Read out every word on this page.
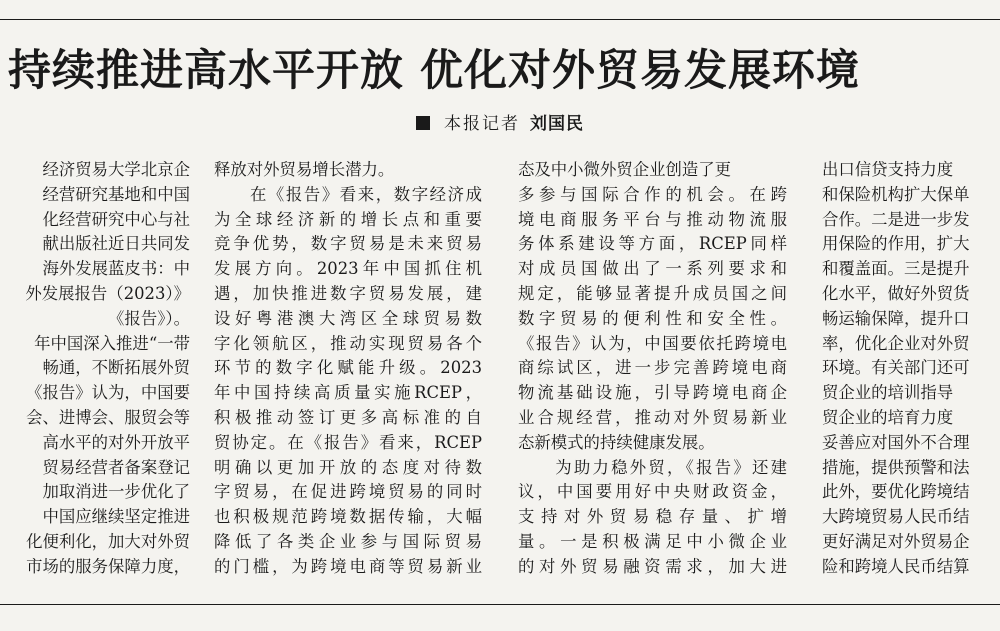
持续推进高水平开放 优化对外贸易发展环境
本报记者 刘国民
经济贸易大学北京企
经营研究基地和中国
化经营研究中心与社
献出版社近日共同发
海外发展蓝皮书：中
外发展报告（2023）》
《报告》）。
年中国深入推进“一带
畅通，不断拓展外贸
《报告》认为，中国要
会、进博会、服贸会等
高水平的对外开放平
贸易经营者备案登记
加取消进一步优化了
中国应继续坚定推进
化便利化，加大对外贸
市场的服务保障力度，
释放对外贸易增长潜力。
　　在《报告》看来，数字经济成
为全球经济新的增长点和重要
竞争优势，数字贸易是未来贸易
发展方向。2023年中国抓住机
遇，加快推进数字贸易发展，建
设好粤港澳大湾区全球贸易数
字化领航区，推动实现贸易各个
环节的数字化赋能升级。2023
年中国持续高质量实施RCEP，
积极推动签订更多高标准的自
贸协定。在《报告》看来，RCEP
明确以更加开放的态度对待数
字贸易，在促进跨境贸易的同时
也积极规范跨境数据传输，大幅
降低了各类企业参与国际贸易
的门槛，为跨境电商等贸易新业
态及中小微外贸企业创造了更
多参与国际合作的机会。在跨
境电商服务平台与推动物流服
务体系建设等方面，RCEP同样
对成员国做出了一系列要求和
规定，能够显著提升成员国之间
数字贸易的便利性和安全性。
《报告》认为，中国要依托跨境电
商综试区，进一步完善跨境电商
物流基础设施，引导跨境电商企
业合规经营，推动对外贸易新业
态新模式的持续健康发展。
　　为助力稳外贸，《报告》还建
议，中国要用好中央财政资金，
支持对外贸易稳存量、扩增
量。一是积极满足中小微企业
的对外贸易融资需求，加大进
出口信贷支持力度
和保险机构扩大保单
合作。二是进一步发
用保险的作用，扩大
和覆盖面。三是提升
化水平，做好外贸货
畅运输保障，提升口
率，优化企业对外贸
环境。有关部门还可
贸企业的培训指导
贸企业的培育力度
妥善应对国外不合理
措施，提供预警和法
此外，要优化跨境结
大跨境贸易人民币结
更好满足对外贸易企
险和跨境人民币结算
